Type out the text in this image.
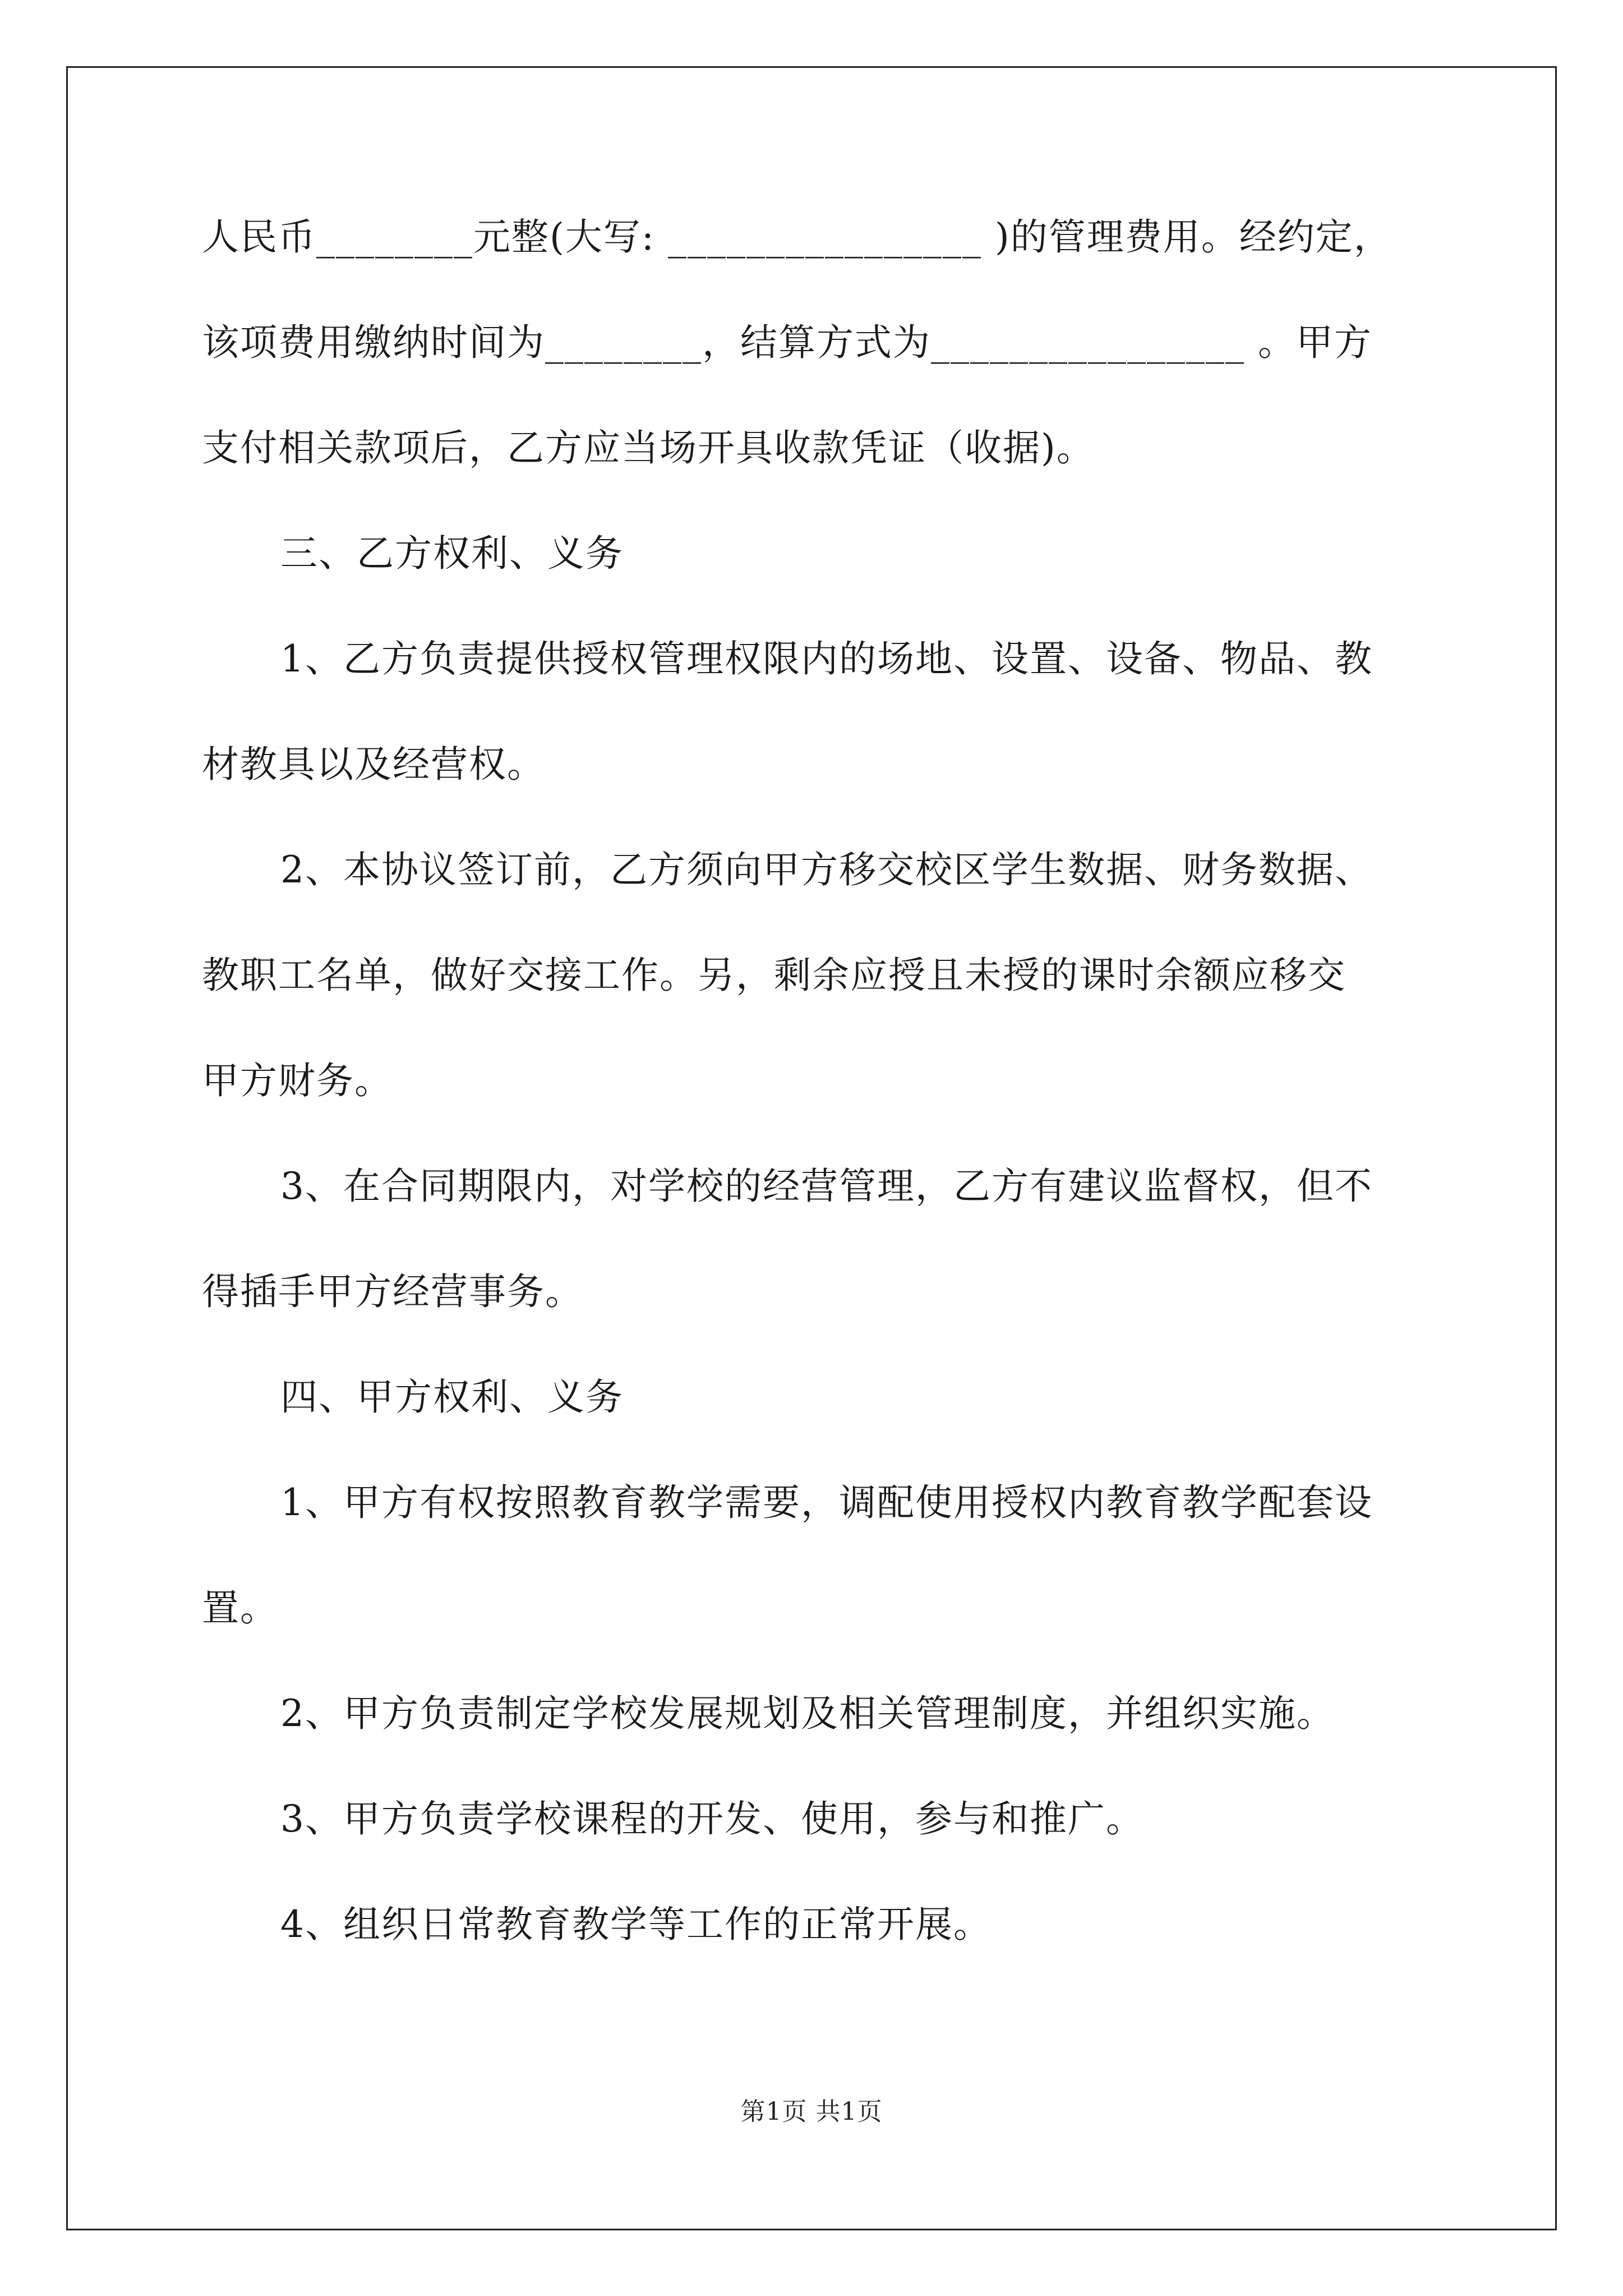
人民币________元整(大写: ________________ )的管理费用。经约定，
该项费用缴纳时间为________，结算方式为________________ 。甲方
支付相关款项后，乙方应当场开具收款凭证（收据)。
三、乙方权利、义务
1、乙方负责提供授权管理权限内的场地、设置、设备、物品、教
材教具以及经营权。
2、本协议签订前，乙方须向甲方移交校区学生数据、财务数据、
教职工名单，做好交接工作。另，剩余应授且未授的课时余额应移交
甲方财务。
3、在合同期限内，对学校的经营管理，乙方有建议监督权，但不
得插手甲方经营事务。
四、甲方权利、义务
1、甲方有权按照教育教学需要，调配使用授权内教育教学配套设
置。
2、甲方负责制定学校发展规划及相关管理制度，并组织实施。
3、甲方负责学校课程的开发、使用，参与和推广。
4、组织日常教育教学等工作的正常开展。
第1页 共1页
